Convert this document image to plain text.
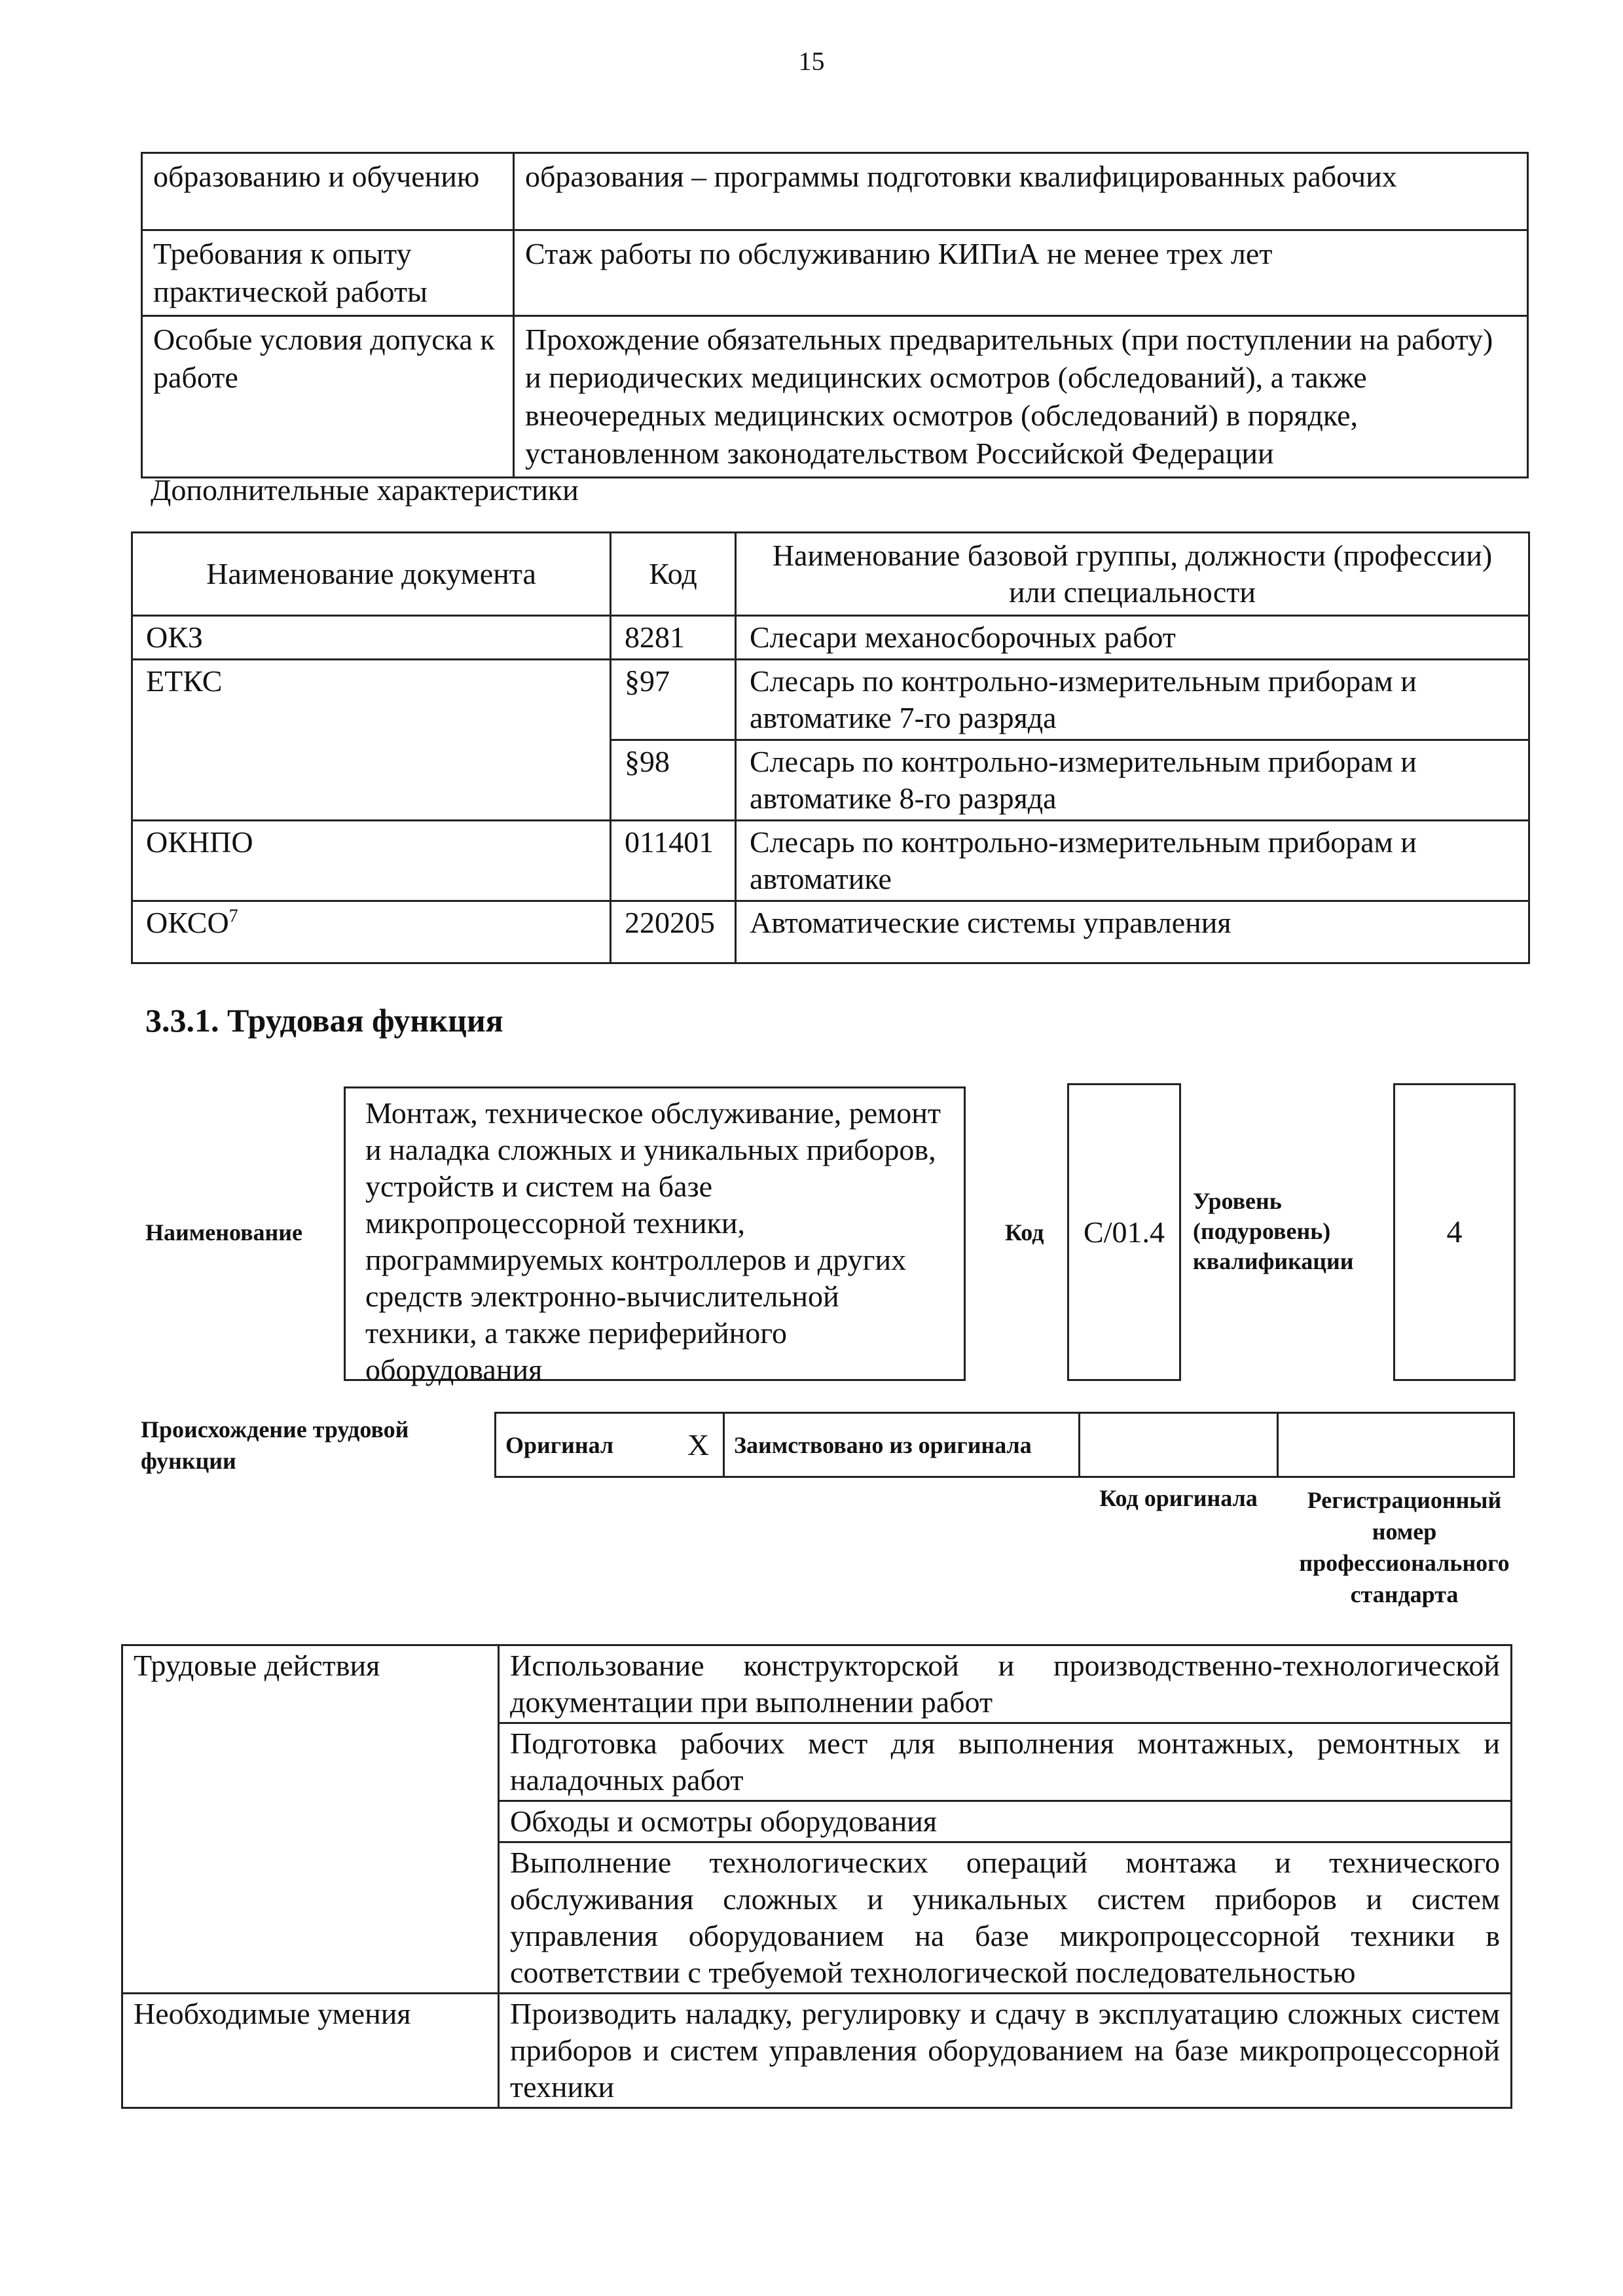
15
образованию и обучению	образования – программы подготовки квалифицированных рабочих
Требования к опыту практической работы	Стаж работы по обслуживанию КИПиА не менее трех лет
Особые условия допуска к работе	Прохождение обязательных предварительных (при поступлении на работу) и периодических медицинских осмотров (обследований), а также внеочередных медицинских осмотров (обследований) в порядке, установленном законодательством Российской Федерации
Дополнительные характеристики
Наименование документа	Код	Наименование базовой группы, должности (профессии) или специальности
ОКЗ	8281	Слесари механосборочных работ
ЕТКС	§97	Слесарь по контрольно-измерительным приборам и автоматике 7-го разряда
	§98	Слесарь по контрольно-измерительным приборам и автоматике 8-го разряда
ОКНПО	011401	Слесарь по контрольно-измерительным приборам и автоматике
ОКСО$^7$	220205	Автоматические системы управления
3.3.1. Трудовая функция
Наименование
Монтаж, техническое обслуживание, ремонт и наладка сложных и уникальных приборов, устройств и систем на базе микропроцессорной техники, программируемых контроллеров и других средств электронно-вычислительной техники, а также периферийного оборудования
Код	C/01.4
Уровень (подуровень) квалификации
4
Происхождение трудовой функции
Оригинал	X	Заимствовано из оригинала		
Код оригинала	Регистрационный номер профессионального стандарта
Трудовые действия	Использование конструкторской и производственно-технологической документации при выполнении работ
	Подготовка рабочих мест для выполнения монтажных, ремонтных и наладочных работ
	Обходы и осмотры оборудования
	Выполнение технологических операций монтажа и технического обслуживания сложных и уникальных систем приборов и систем управления оборудованием на базе микропроцессорной техники в соответствии с требуемой технологической последовательностью
Необходимые умения	Производить наладку, регулировку и сдачу в эксплуатацию сложных систем приборов и систем управления оборудованием на базе микропроцессорной техники
